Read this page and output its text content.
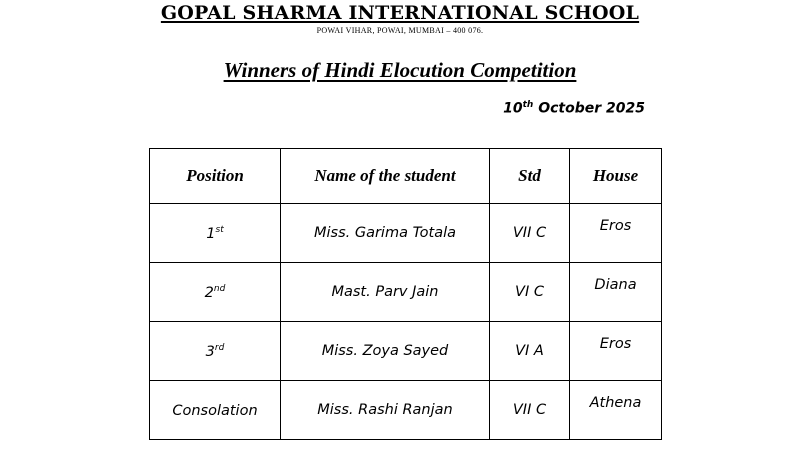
GOPAL SHARMA INTERNATIONAL SCHOOL
POWAI VIHAR, POWAI, MUMBAI – 400 076.
Winners of Hindi Elocution Competition
10th October 2025
Position	Name of the student	Std	House
1st	Miss. Garima Totala	VII C	Eros
2nd	Mast. Parv Jain	VI C	Diana
3rd	Miss. Zoya Sayed	VI A	Eros
Consolation	Miss. Rashi Ranjan	VII C	Athena
